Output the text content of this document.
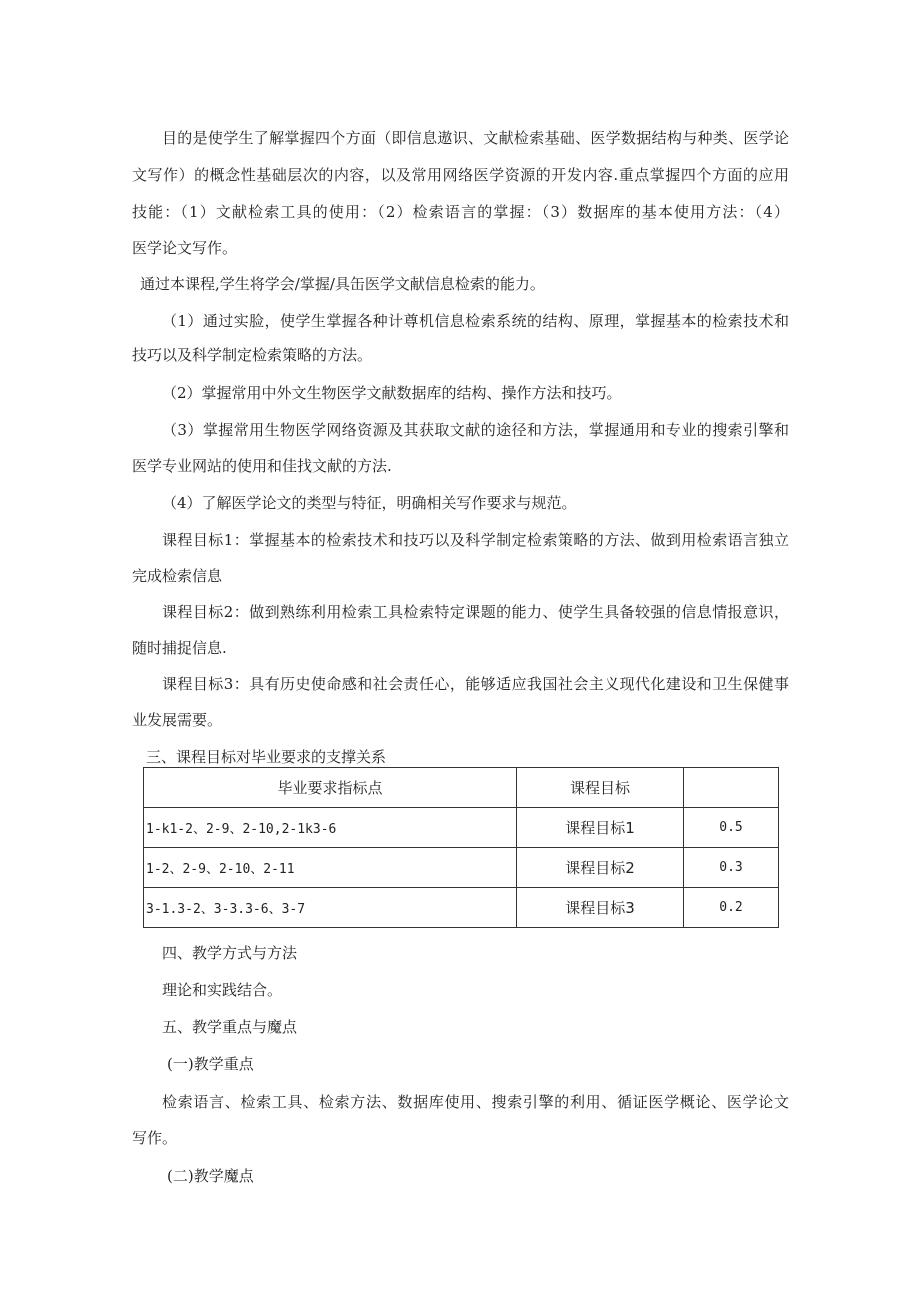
目的是使学生了解掌握四个方面（即信息遨识、文献检索基础、医学数据结构与种类、医学论
文写作）的概念性基础层次的内容，以及常用网络医学资源的开发内容.重点掌握四个方面的应用
技能：（1）文献检索工具的使用：（2）检索语言的掌握：（3）数据库的基本使用方法：（4）
医学论文写作。
通过本课程,学生将学会/掌握/具缶医学文献信息检索的能力。
（1）通过实脸，使学生掌握各种计尊机信息检索系统的结构、原理，掌握基本的检索技术和
技巧以及科学制定检索策略的方法。
（2）掌握常用中外文生物医学文献数据库的结构、操作方法和技巧。
（3）掌握常用生物医学网络资源及其获取文献的途径和方法，掌握通用和专业的搜索引擎和
医学专业网站的使用和佳找文献的方法.
（4）了解医学论文的类型与特征，明确相关写作要求与规范。
课程目标1：掌握基本的检索技术和技巧以及科学制定检索策略的方法、做到用检索语言独立
完成检索信息
课程目标2：做到熟练利用检索工具检索特定课题的能力、使学生具备较强的信息情报意识，
随时捕捉信息.
课程目标3：具有历史使命感和社会责任心，能够适应我国社会主义现代化建设和卫生保健事
业发展需要。
三、课程目标对毕业要求的支撑关系
毕业要求指标点	课程目标	
1-k1-2、2-9、2-10,2-1k3-6	课程目标1	0.5
1-2、2-9、2-10、2-11	课程目标2	0.3
3-1.3-2、3-3.3-6、3-7	课程目标3	0.2
四、教学方式与方法
理论和实践结合。
五、教学重点与魔点
(一)教学重点
检索语言、检索工具、检索方法、数据库使用、搜索引擎的利用、循证医学概论、医学论文
写作。
(二)教学魔点
